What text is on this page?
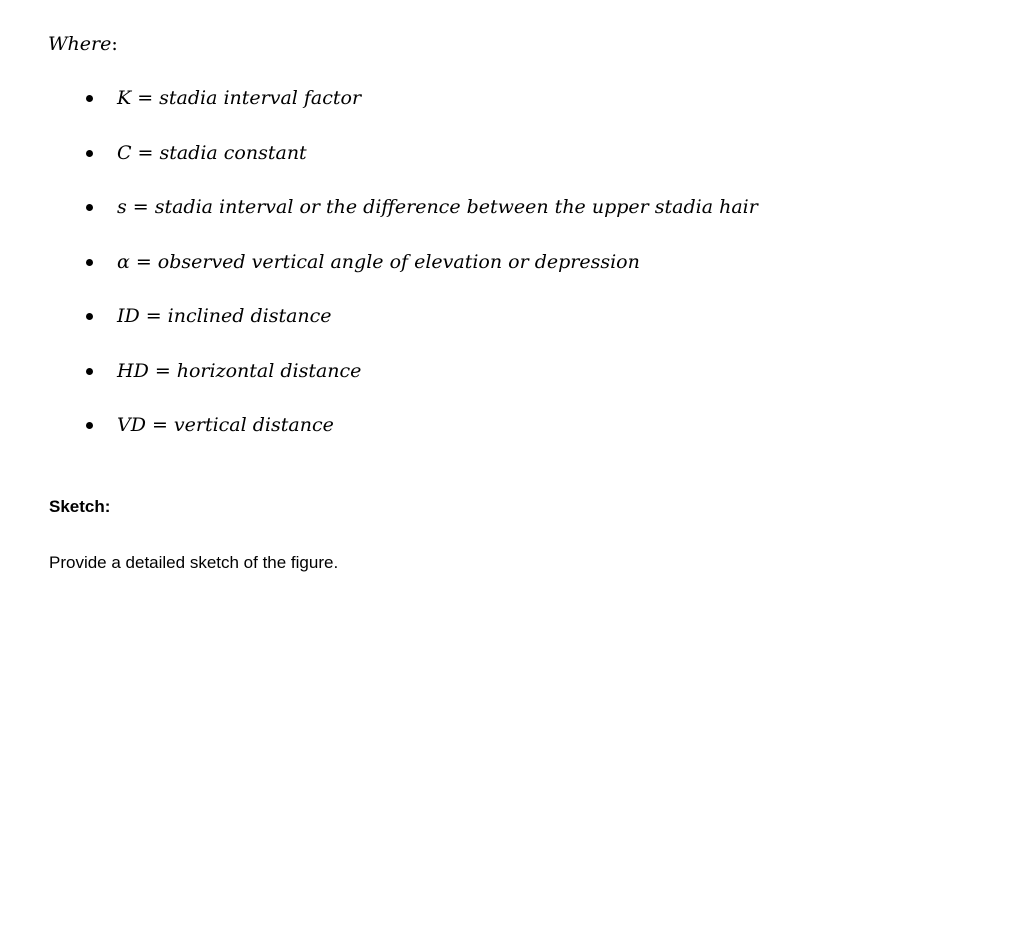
Where:
K = stadia interval factor
C = stadia constant
s = stadia interval or the difference between the upper stadia hair
α = observed vertical angle of elevation or depression
ID = inclined distance
HD = horizontal distance
VD = vertical distance
Sketch:
Provide a detailed sketch of the figure.
